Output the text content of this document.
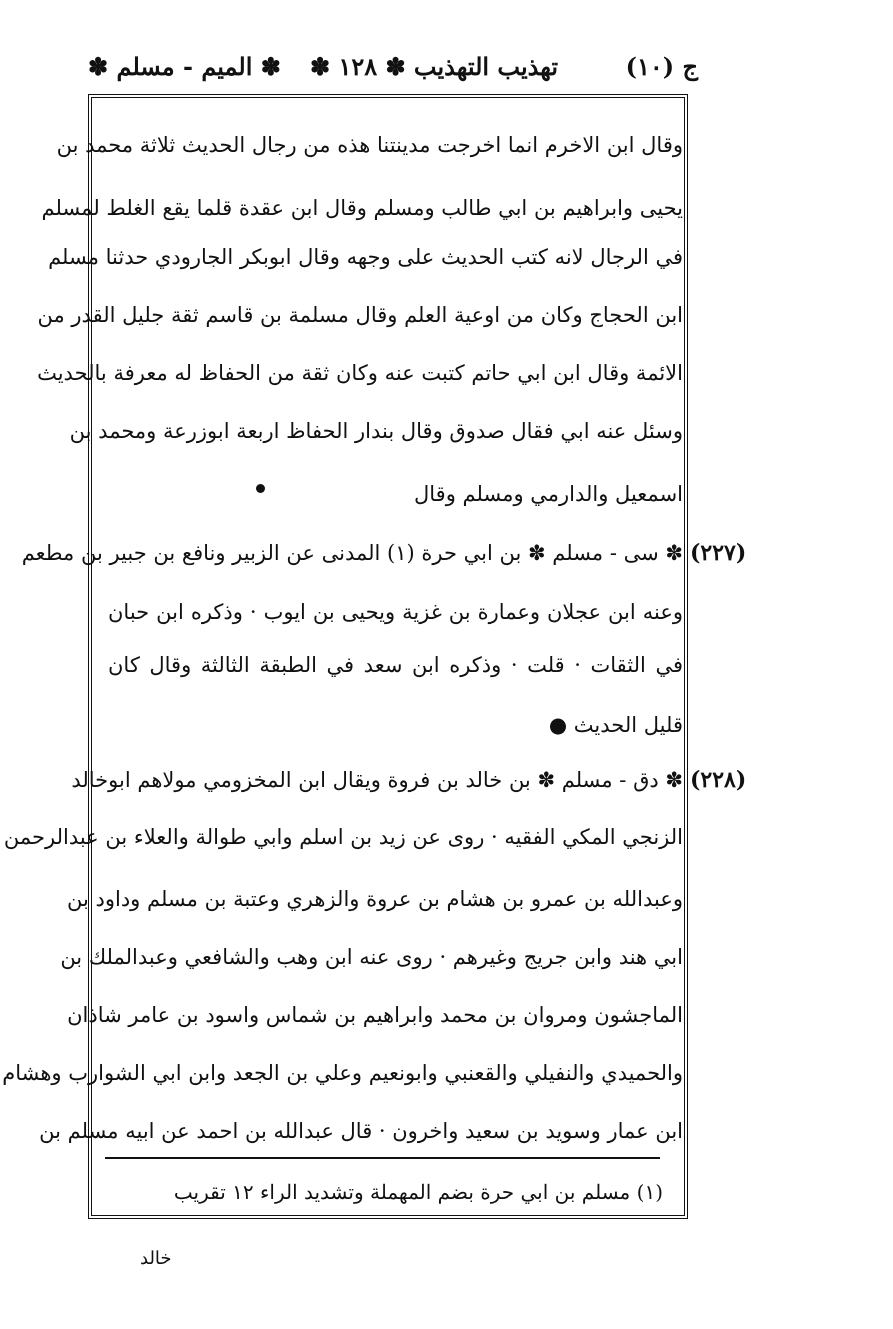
ج (١٠)
تهذيب التهذيب ✽ ١٢٨ ✽
✽ الميم - مسلم ✽
وقال ابن الاخرم انما اخرجت مدينتنا هذه من رجال الحديث ثلاثة محمد بن
يحيى وابراهيم بن ابي طالب ومسلم وقال ابن عقدة قلما يقع الغلط لمسلم
في الرجال لانه كتب الحديث على وجهه وقال ابوبكر الجارودي حدثنا مسلم
ابن الحجاج وكان من اوعية العلم وقال مسلمة بن قاسم ثقة جليل القدر من
الائمة وقال ابن ابي حاتم كتبت عنه وكان ثقة من الحفاظ له معرفة بالحديث
وسئل عنه ابي فقال صدوق وقال بندار الحفاظ اربعة ابوزرعة ومحمد بن
اسمعيل والدارمي ومسلم وقال
✽ سى - مسلم ✽ بن ابي حرة (١) المدنى عن الزبير ونافع بن جبير بن مطعم
وعنه ابن عجلان وعمارة بن غزية ويحيى بن ايوب · وذكره ابن حبان
في الثقات · قلت · وذكره ابن سعد في الطبقة الثالثة وقال كان
قليل الحديث ●
✽ دق - مسلم ✽ بن خالد بن فروة ويقال ابن المخزومي مولاهم ابوخالد
الزنجي المكي الفقيه · روى عن زيد بن اسلم وابي طوالة والعلاء بن عبدالرحمن
وعبدالله بن عمرو بن هشام بن عروة والزهري وعتبة بن مسلم وداود بن
ابي هند وابن جريج وغيرهم · روى عنه ابن وهب والشافعي وعبدالملك بن
الماجشون ومروان بن محمد وابراهيم بن شماس واسود بن عامر شاذان
والحميدي والنفيلي والقعنبي وابونعيم وعلي بن الجعد وابن ابي الشوارب وهشام
ابن عمار وسويد بن سعيد واخرون · قال عبدالله بن احمد عن ابيه مسلم بن
(٢٢٧)
(٢٢٨)
(١) مسلم بن ابي حرة بضم المهملة وتشديد الراء ١٢ تقريب
خالد
